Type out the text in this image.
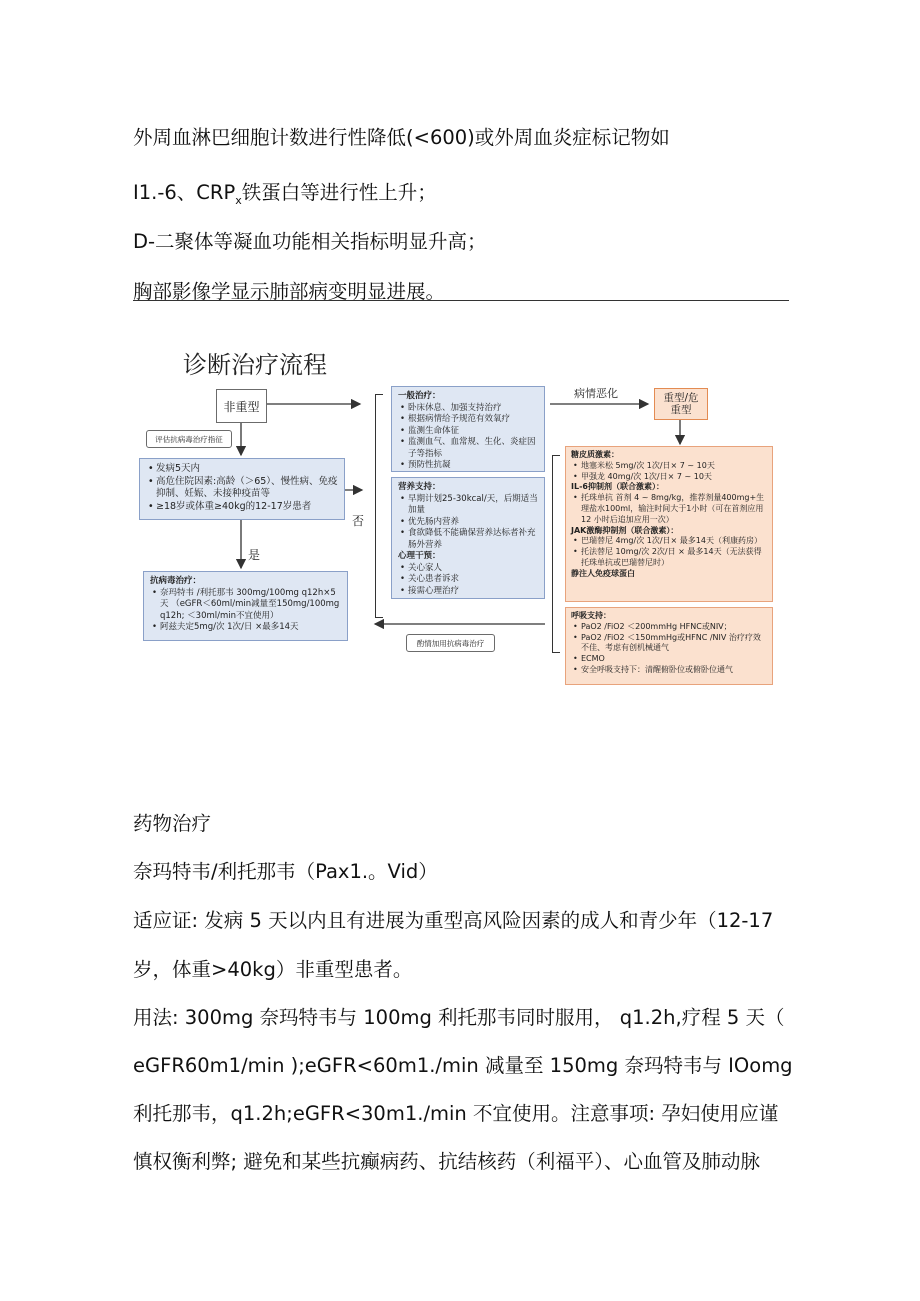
外周血淋巴细胞计数进行性降低(<600)或外周血炎症标记物如
I1.-6、$CRP_x$铁蛋白等进行性上升；
D-二聚体等凝血功能相关指标明显升高；
胸部影像学显示肺部病变明显进展。
诊断治疗流程
非重型
评估抗病毒治疗指征
• 发病5天内
• 高危住院因素:高龄（＞65）、慢性病、免疫抑制、妊娠、未接种疫苗等
• ≥18岁或体重≥40kg的12-17岁患者
是
否
抗病毒治疗：
• 奈玛特韦 /利托那韦 300mg/100mg q12h×5天 （eGFR＜60ml/min减量至150mg/100mg q12h; ＜30ml/min不宜使用）
• 阿兹夫定5mg/次 1次/日 ×最多14天
一般治疗：
• 卧床休息、加强支持治疗
• 根据病情给予规范有效氧疗
• 监测生命体征
• 监测血气、血常规、生化、炎症因子等指标
• 预防性抗凝
营养支持：
• 早期计划25-30kcal/天，后期适当加量
• 优先肠内营养
• 食欲降低不能确保营养达标者补充肠外营养
心理干预：
• 关心家人
• 关心患者诉求
• 接需心理治疗
病情恶化	重型/危重型
糖皮质激素：
• 地塞米松 5mg/次 1次/日× 7 ~ 10天
• 甲强龙 40mg/次 1次/日× 7 ~ 10天
IL-6抑制剂（联合激素）：
• 托珠单抗 首剂 4 ~ 8mg/kg，推荐剂量400mg+生理盐水100ml，输注时间大于1小时（可在首剂应用 12 小时后追加应用一次）
JAK激酶抑制剂（联合激素）：
• 巴瑞替尼 4mg/次 1次/日× 最多14天（利康药房）
• 托法替尼 10mg/次 2次/日 × 最多14天（无法获得托珠单抗或巴瑞替尼时）
静注人免疫球蛋白
呼吸支持：
• PaO2 /FiO2 ＜200mmHg HFNC或NIV；
• PaO2 /FiO2 ＜150mmHg或HFNC /NIV 治疗疗效不佳、考虑有创机械通气
• ECMO
• 安全呼吸支持下：清醒俯卧位或俯卧位通气
酌情加用抗病毒治疗
药物治疗
奈玛特韦/利托那韦（Pax1.。Vid）
适应证: 发病 5 天以内且有进展为重型高风险因素的成人和青少年（12-17
岁，体重>40kg）非重型患者。
用法: 300mg 奈玛特韦与 100mg 利托那韦同时服用， q1.2h,疗程 5 天（
eGFR60m1∕min );eGFR<60m1./min 减量至 150mg 奈玛特韦与 IOomg
利托那韦，q1.2h;eGFR<30m1./min 不宜使用。注意事项: 孕妇使用应谨
慎权衡利弊; 避免和某些抗癫病药、抗结核药（利福平）、心血管及肺动脉
